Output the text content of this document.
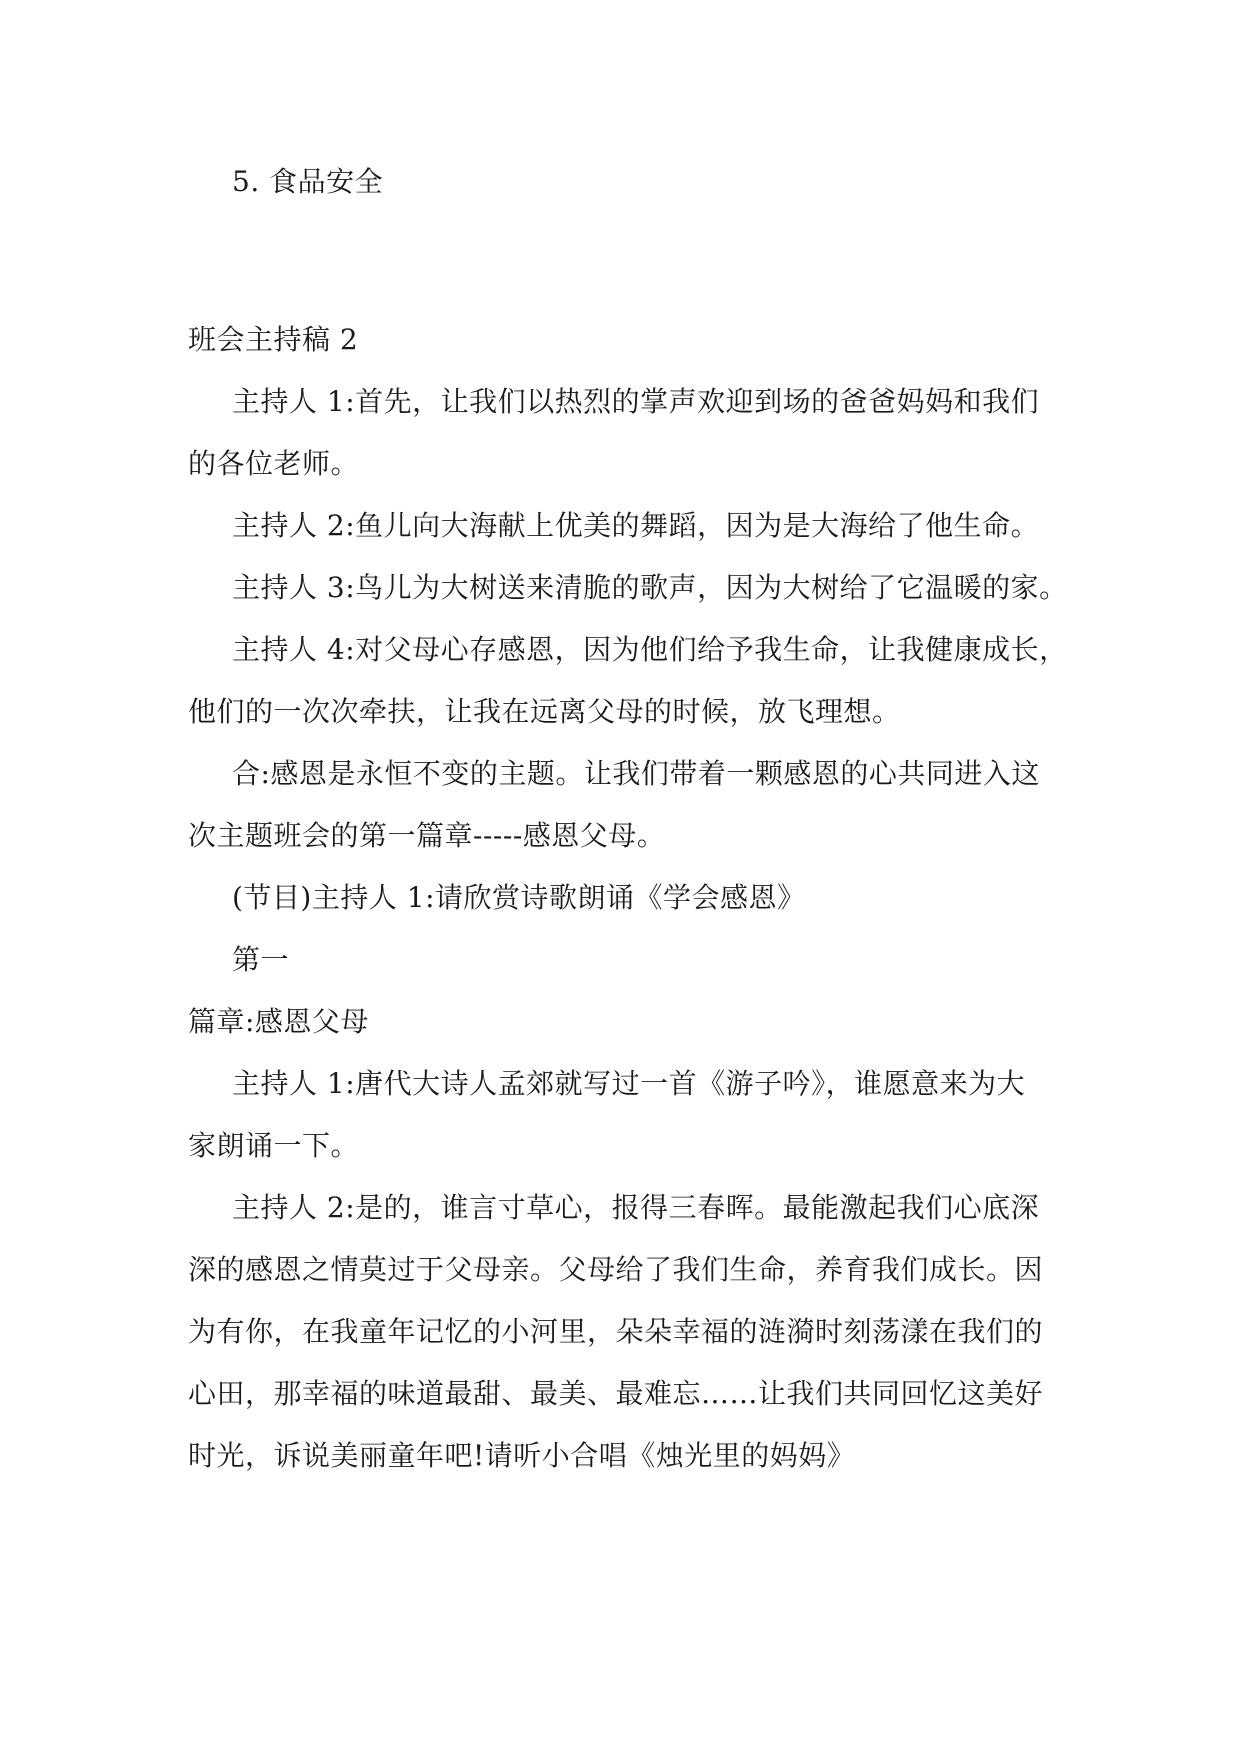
5. 食品安全
班会主持稿 2
主持人 1:首先，让我们以热烈的掌声欢迎到场的爸爸妈妈和我们
的各位老师。
主持人 2:鱼儿向大海献上优美的舞蹈，因为是大海给了他生命。
主持人 3:鸟儿为大树送来清脆的歌声，因为大树给了它温暖的家。
主持人 4:对父母心存感恩，因为他们给予我生命，让我健康成长，
他们的一次次牵扶，让我在远离父母的时候，放飞理想。
合:感恩是永恒不变的主题。让我们带着一颗感恩的心共同进入这
次主题班会的第一篇章-----感恩父母。
(节目)主持人 1:请欣赏诗歌朗诵《学会感恩》
第一
篇章:感恩父母
主持人 1:唐代大诗人孟郊就写过一首《游子吟》，谁愿意来为大
家朗诵一下。
主持人 2:是的，谁言寸草心，报得三春晖。最能激起我们心底深
深的感恩之情莫过于父母亲。父母给了我们生命，养育我们成长。因
为有你，在我童年记忆的小河里，朵朵幸福的涟漪时刻荡漾在我们的
心田，那幸福的味道最甜、最美、最难忘……让我们共同回忆这美好
时光，诉说美丽童年吧!请听小合唱《烛光里的妈妈》
